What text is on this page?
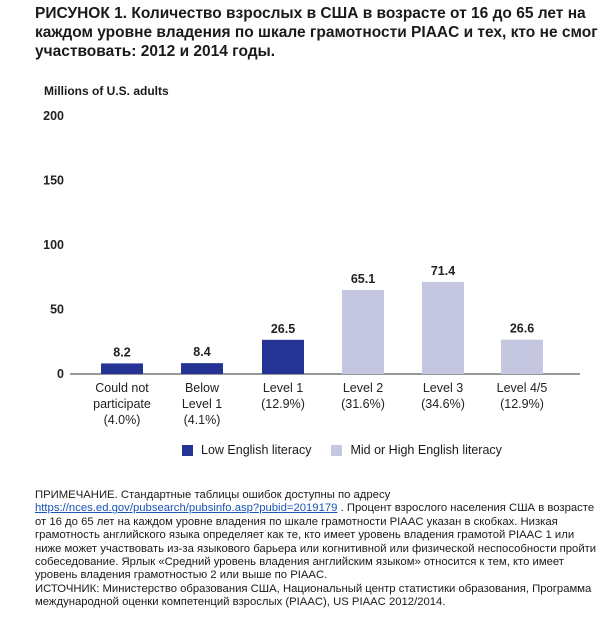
РИСУНОК 1. Количество взрослых в США в возрасте от 16 до 65 лет на каждом уровне владения по шкале грамотности PIAAC и тех, кто не смог участвовать: 2012 и 2014 годы.
Millions of U.S. adults
0
50
100
150
200
8.2	8.4
26.5
65.1
71.4
26.6
Could not
participate
(4.0%)
Below
Level 1
(4.1%)
Level 1
(12.9%)
Level 2
(31.6%)
Level 3
(34.6%)
Level 4/5
(12.9%)
Low English literacy	Mid or High English literacy
ПРИМЕЧАНИЕ. Стандартные таблицы ошибок доступны по адресу
https://nces.ed.gov/pubsearch/pubsinfo.asp?pubid=2019179 . Процент взрослого населения США в возрасте от 16 до 65 лет на каждом уровне владения по шкале грамотности PIAAC указан в скобках. Низкая грамотность английского языка определяет как те, кто имеет уровень владения грамотой PIAAC 1 или ниже может участвовать из-за языкового барьера или когнитивной или физической неспособности пройти собеседование. Ярлык «Средний уровень владения английским языком» относится к тем, кто имеет уровень владения грамотностью 2 или выше по PIAAC.
ИСТОЧНИК: Министерство образования США, Национальный центр статистики образования, Программа международной оценки компетенций взрослых (PIAAC), US PIAAC 2012/2014.
